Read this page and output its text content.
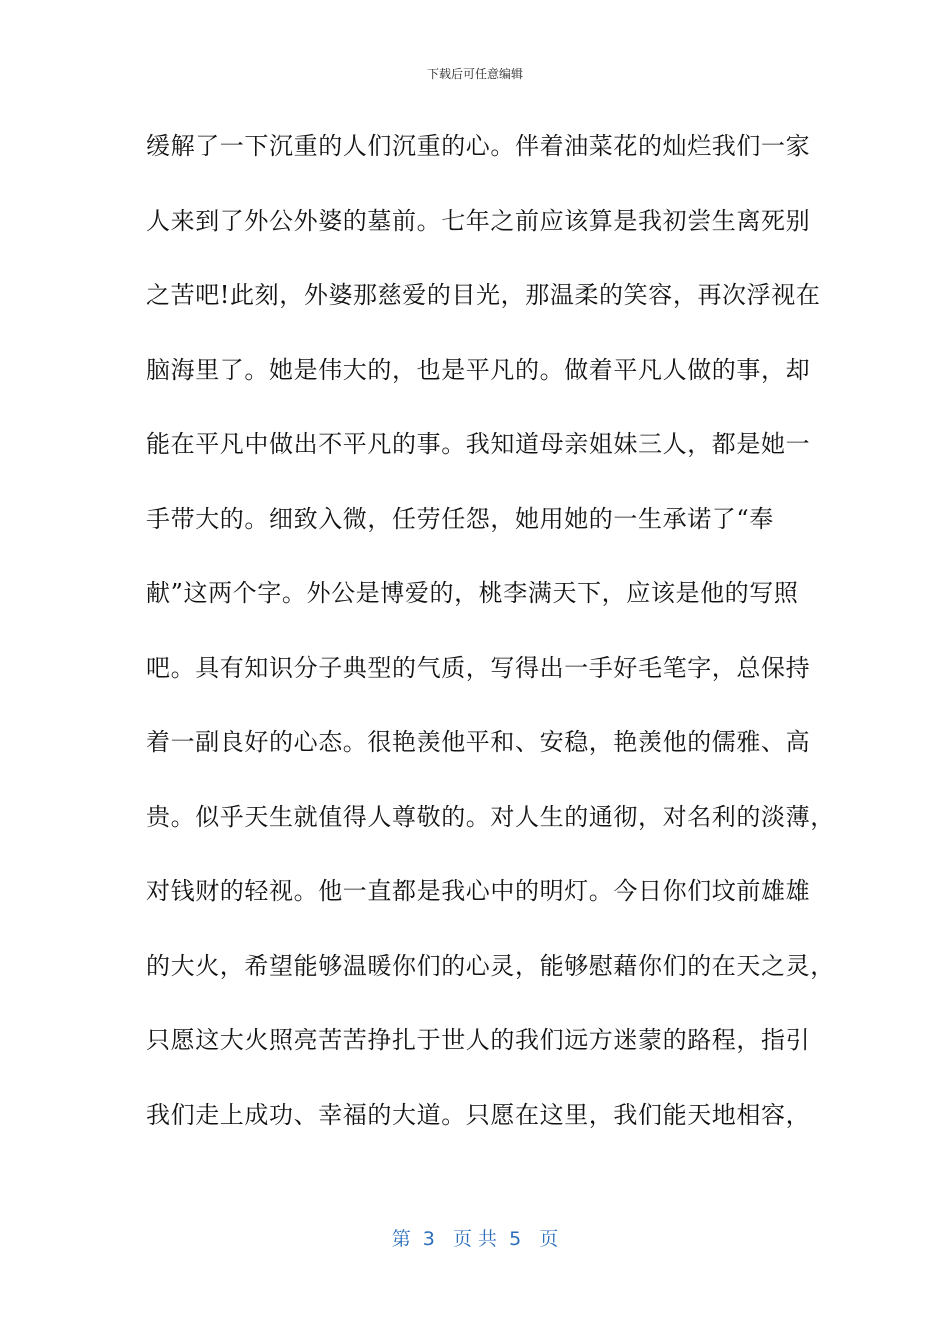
下载后可任意编辑
缓解了一下沉重的人们沉重的心。伴着油菜花的灿烂我们一家
人来到了外公外婆的墓前。七年之前应该算是我初尝生离死别
之苦吧!此刻，外婆那慈爱的目光，那温柔的笑容，再次浮视在
脑海里了。她是伟大的，也是平凡的。做着平凡人做的事，却
能在平凡中做出不平凡的事。我知道母亲姐妹三人，都是她一
手带大的。细致入微，任劳任怨，她用她的一生承诺了“奉
献”这两个字。外公是博爱的，桃李满天下，应该是他的写照
吧。具有知识分子典型的气质，写得出一手好毛笔字，总保持
着一副良好的心态。很艳羡他平和、安稳，艳羡他的儒雅、高
贵。似乎天生就值得人尊敬的。对人生的通彻，对名利的淡薄，
对钱财的轻视。他一直都是我心中的明灯。今日你们坟前雄雄
的大火，希望能够温暖你们的心灵，能够慰藉你们的在天之灵，
只愿这大火照亮苦苦挣扎于世人的我们远方迷蒙的路程，指引
我们走上成功、幸福的大道。只愿在这里，我们能天地相容，
第  3   页 共  5   页
